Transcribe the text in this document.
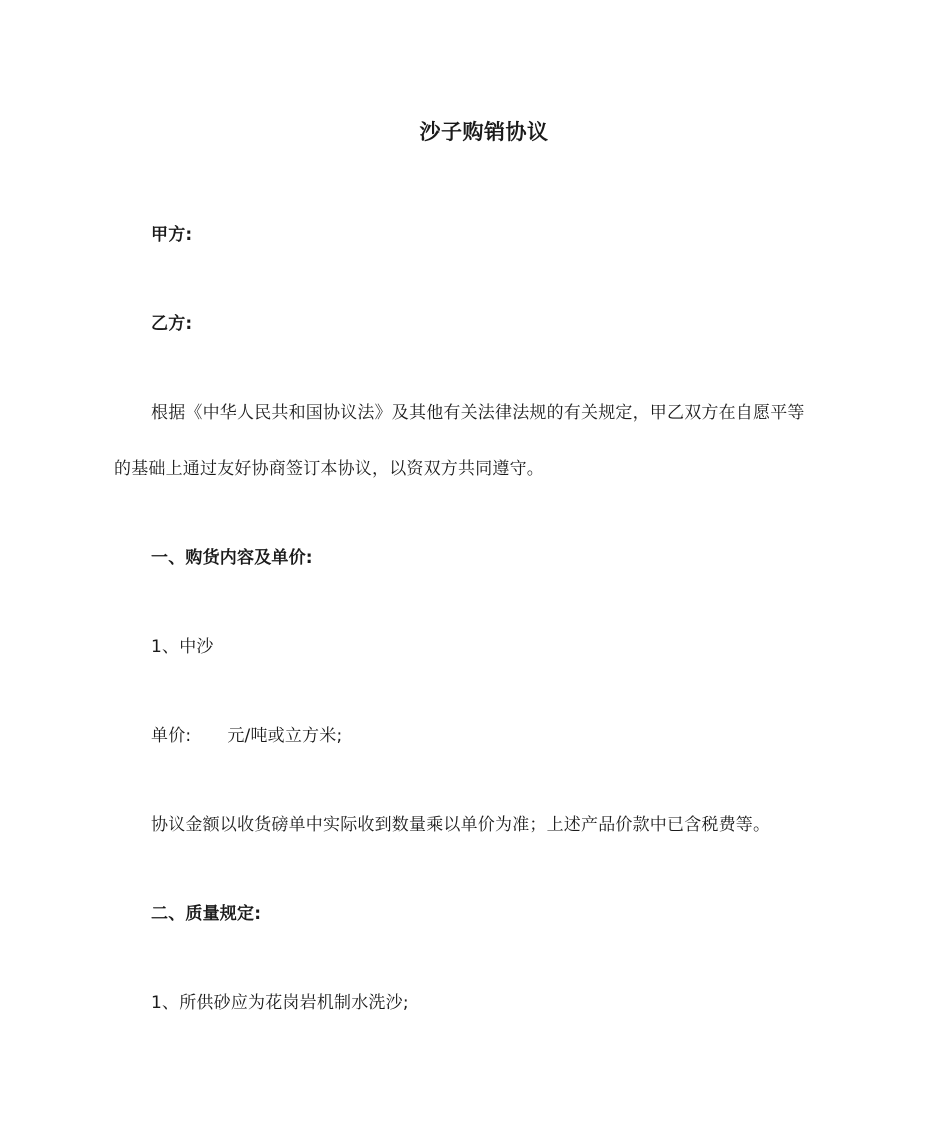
沙子购销协议
甲方:
乙方:
根据《中华人民共和国协议法》及其他有关法律法规的有关规定，甲乙双方在自愿平等
的基础上通过友好协商签订本协议，以资双方共同遵守。
一、购货内容及单价:
1、中沙
单价: 元/吨或立方米;
协议金额以收货磅单中实际收到数量乘以单价为准；上述产品价款中已含税费等。
二、质量规定:
1、所供砂应为花岗岩机制水洗沙;
